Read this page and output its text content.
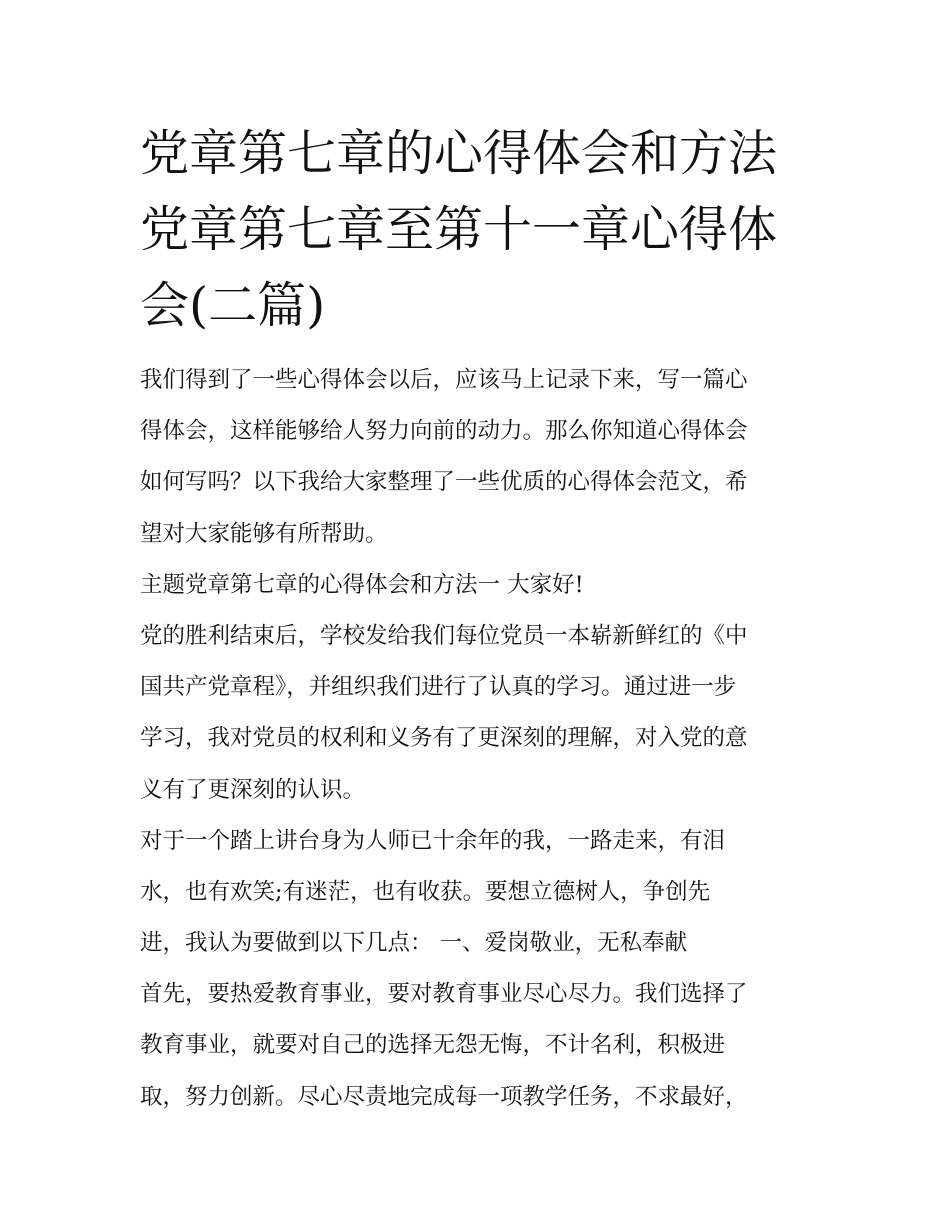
党章第七章的心得体会和方法
党章第七章至第十一章心得体
会(二篇)
我们得到了一些心得体会以后，应该马上记录下来，写一篇心
得体会，这样能够给人努力向前的动力。那么你知道心得体会
如何写吗？以下我给大家整理了一些优质的心得体会范文，希
望对大家能够有所帮助。
主题党章第七章的心得体会和方法一 大家好!
党的胜利结束后，学校发给我们每位党员一本崭新鲜红的《中
国共产党章程》，并组织我们进行了认真的学习。通过进一步
学习，我对党员的权利和义务有了更深刻的理解，对入党的意
义有了更深刻的认识。
对于一个踏上讲台身为人师已十余年的我，一路走来，有泪
水，也有欢笑;有迷茫，也有收获。要想立德树人，争创先
进，我认为要做到以下几点： 一、爱岗敬业，无私奉献
首先，要热爱教育事业，要对教育事业尽心尽力。我们选择了
教育事业，就要对自己的选择无怨无悔，不计名利，积极进
取，努力创新。尽心尽责地完成每一项教学任务，不求最好，
